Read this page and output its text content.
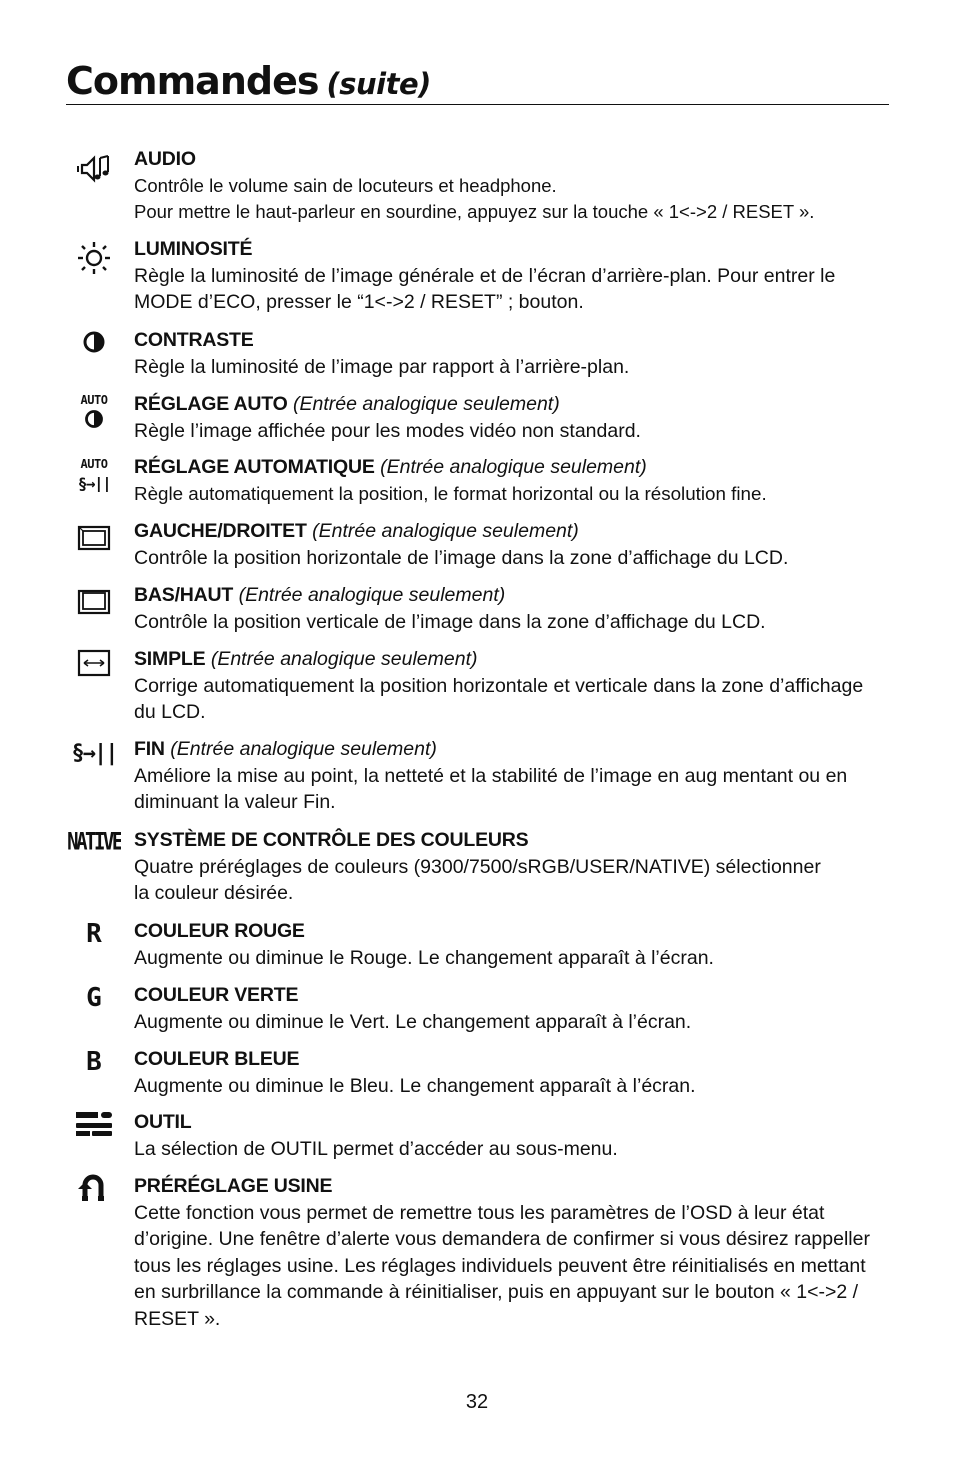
Commandes (suite)
AUDIO
Contrôle le volume sain de locuteurs et headphone.
Pour mettre le haut-parleur en sourdine, appuyez sur la touche « 1<->2 / RESET ».
LUMINOSITÉ
Règle la luminosité de l’image générale et de l’écran d’arrière-plan. Pour entrer le MODE d’ECO, presser le “1<->2 / RESET” ; bouton.
CONTRASTE
Règle la luminosité de l’image par rapport à l’arrière-plan.
AUTO RÉGLAGE AUTO (Entrée analogique seulement)
Règle l’image affichée pour les modes vidéo non standard.
AUTO
§→||
RÉGLAGE AUTOMATIQUE (Entrée analogique seulement)
Règle automatiquement la position, le format horizontal ou la résolution fine.
GAUCHE/DROITET (Entrée analogique seulement)
Contrôle la position horizontale de l’image dans la zone d’affichage du LCD.
BAS/HAUT (Entrée analogique seulement)
Contrôle la position verticale de l’image dans la zone d’affichage du LCD.
SIMPLE (Entrée analogique seulement)
Corrige automatiquement la position horizontale et verticale dans la zone d’affichage du LCD.
§→|| FIN (Entrée analogique seulement)
Améliore la mise au point, la netteté et la stabilité de l’image en aug mentant ou en diminuant la valeur Fin.
NATIVE SYSTÈME DE CONTRÔLE DES COULEURS
Quatre préréglages de couleurs (9300/7500/sRGB/USER/NATIVE) sélectionner la couleur désirée.
R COULEUR ROUGE
Augmente ou diminue le Rouge. Le changement apparaît à l’écran.
G COULEUR VERTE
Augmente ou diminue le Vert. Le changement apparaît à l’écran.
B COULEUR BLEUE
Augmente ou diminue le Bleu. Le changement apparaît à l’écran.
OUTIL
La sélection de OUTIL permet d’accéder au sous-menu.
PRÉRÉGLAGE USINE
Cette fonction vous permet de remettre tous les paramètres de l’OSD à leur état d’origine. Une fenêtre d’alerte vous demandera de confirmer si vous désirez rappeller tous les réglages usine. Les réglages individuels peuvent être réinitialisés en mettant en surbrillance la commande à réinitialiser, puis en appuyant sur le bouton « 1<->2 / RESET ».
32
